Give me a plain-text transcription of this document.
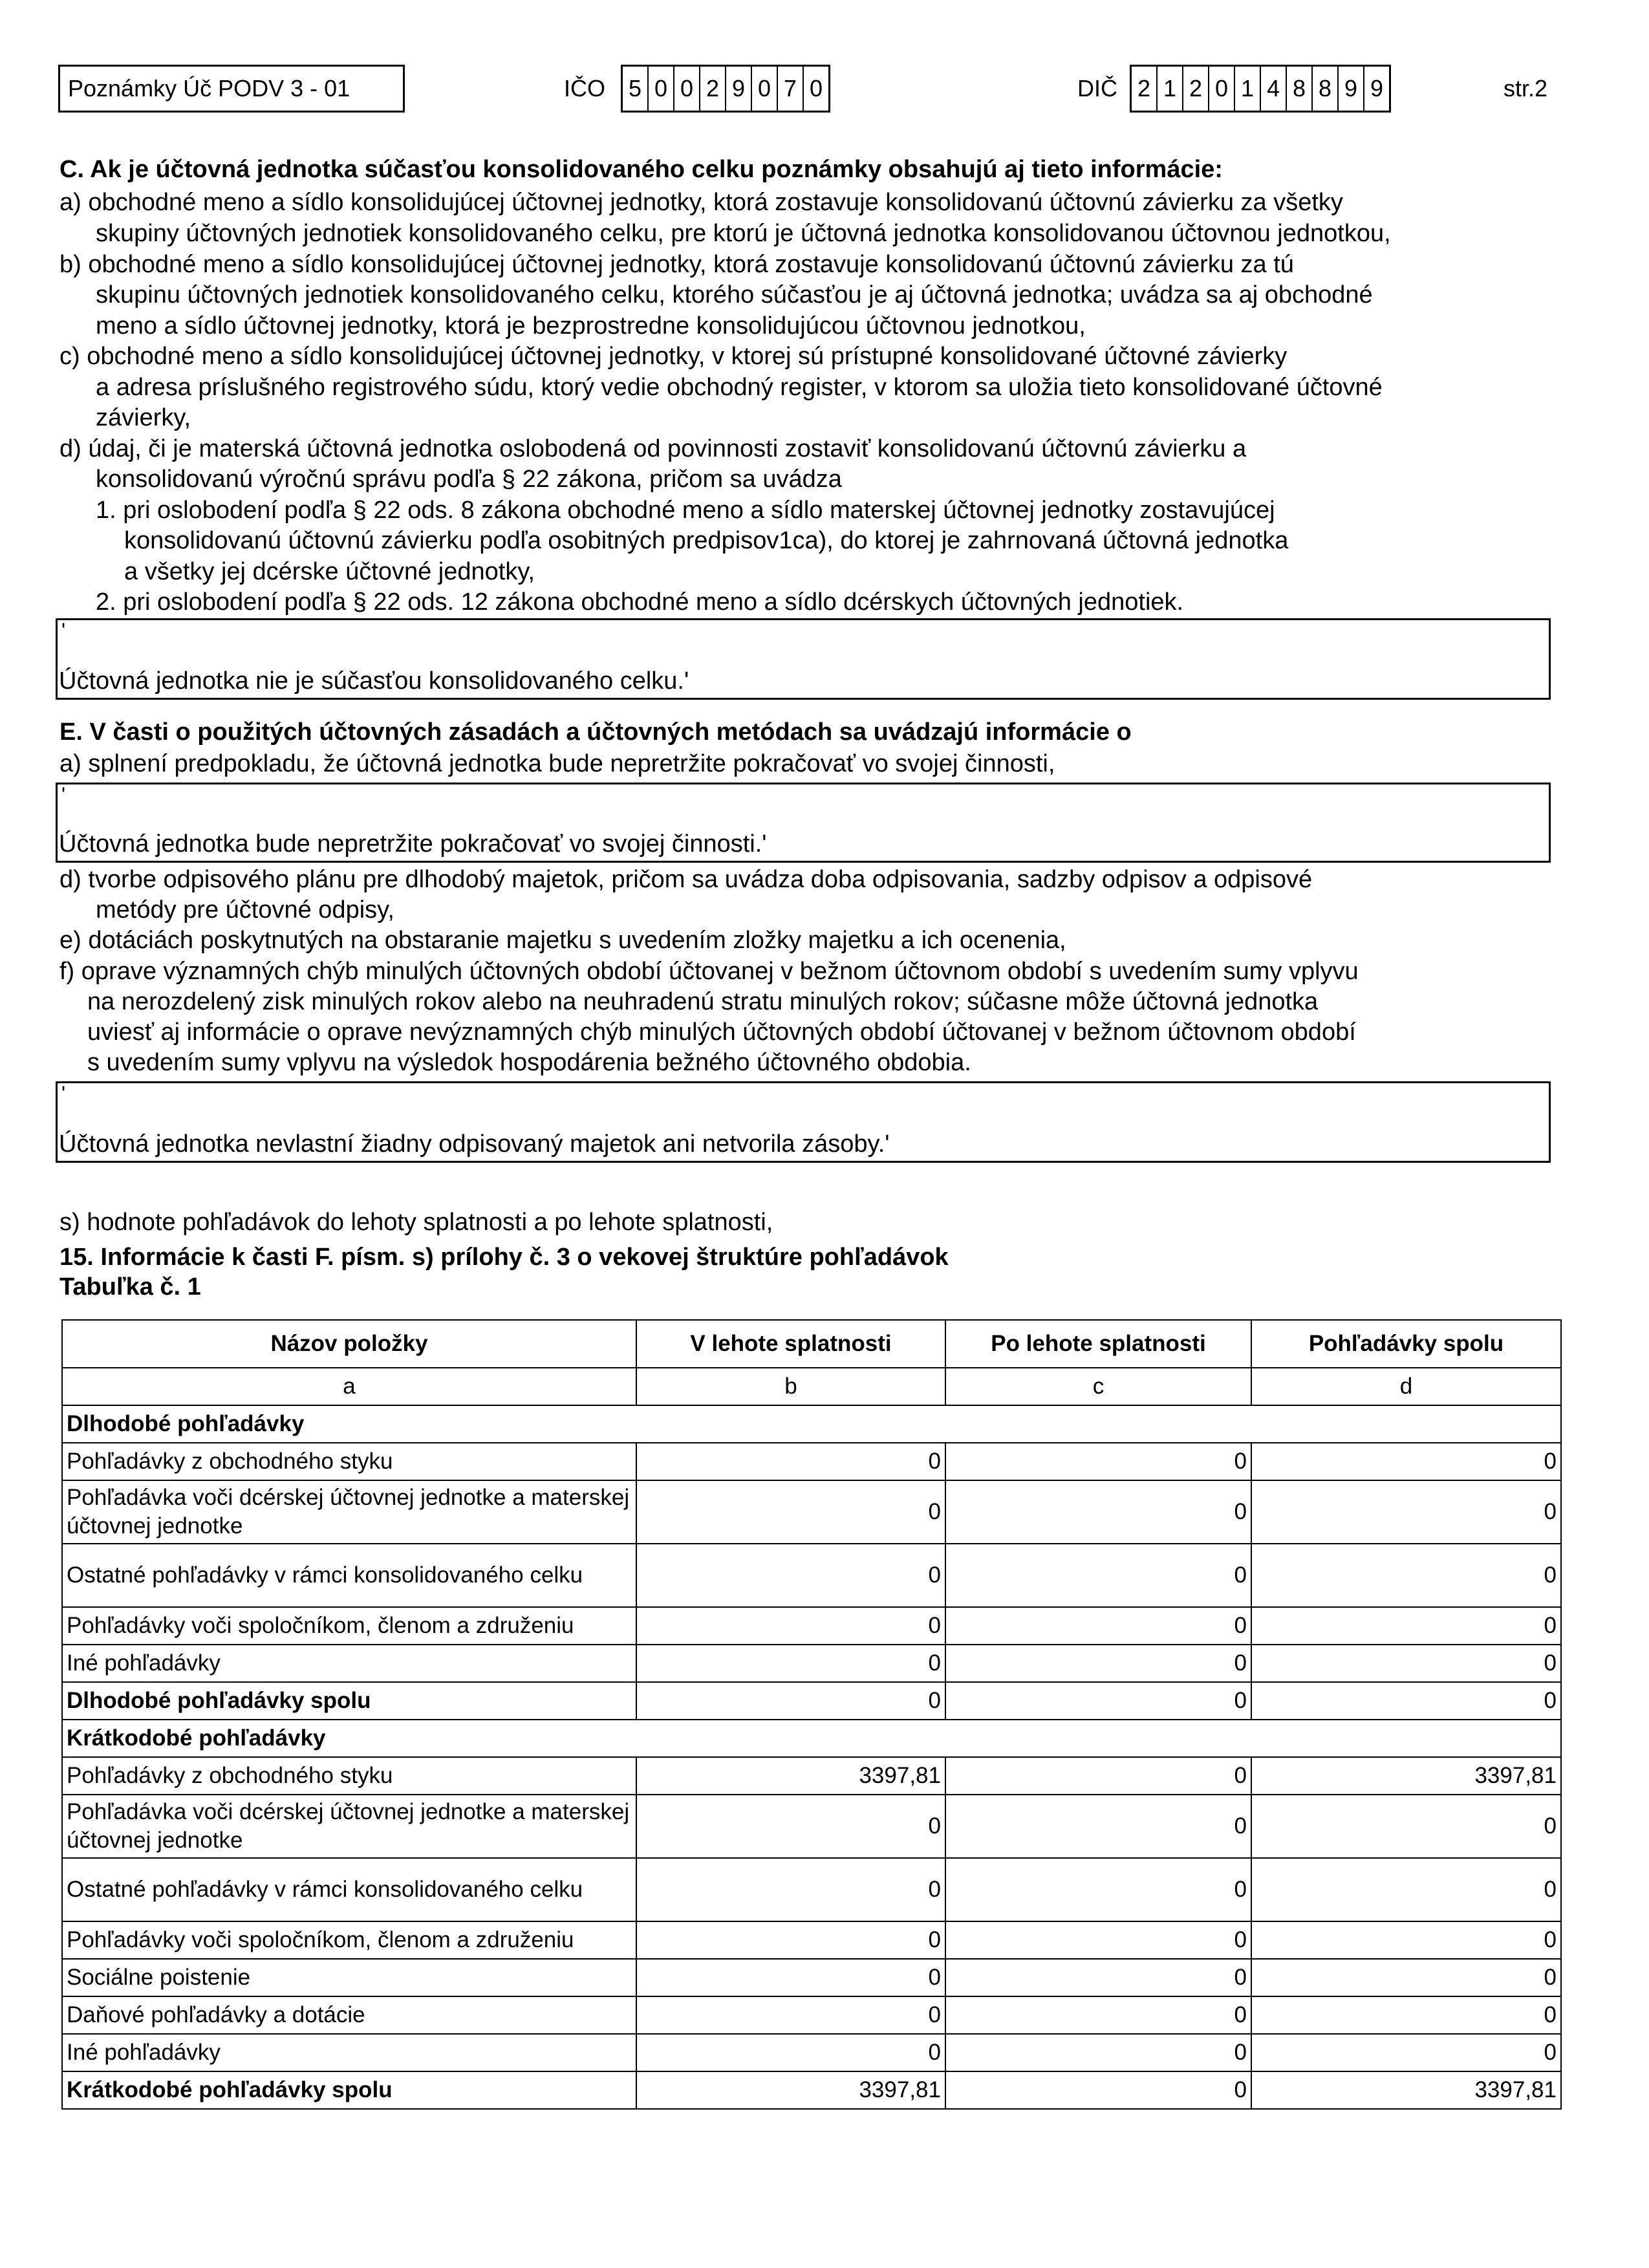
Poznámky Úč PODV 3 - 01	IČO 5 0 0 2 9 0 7 0	DIČ 2 1 2 0 1 4 8 8 9 9	str.2
C. Ak je účtovná jednotka súčasťou konsolidovaného celku poznámky obsahujú aj tieto informácie:
a) obchodné meno a sídlo konsolidujúcej účtovnej jednotky, ktorá zostavuje konsolidovanú účtovnú závierku za všetky
skupiny účtovných jednotiek konsolidovaného celku, pre ktorú je účtovná jednotka konsolidovanou účtovnou jednotkou,
b) obchodné meno a sídlo konsolidujúcej účtovnej jednotky, ktorá zostavuje konsolidovanú účtovnú závierku za tú
skupinu účtovných jednotiek konsolidovaného celku, ktorého súčasťou je aj účtovná jednotka; uvádza sa aj obchodné
meno a sídlo účtovnej jednotky, ktorá je bezprostredne konsolidujúcou účtovnou jednotkou,
c) obchodné meno a sídlo konsolidujúcej účtovnej jednotky, v ktorej sú prístupné konsolidované účtovné závierky
a adresa príslušného registrového súdu, ktorý vedie obchodný register, v ktorom sa uložia tieto konsolidované účtovné
závierky,
d) údaj, či je materská účtovná jednotka oslobodená od povinnosti zostaviť konsolidovanú účtovnú závierku a
konsolidovanú výročnú správu podľa § 22 zákona, pričom sa uvádza
1. pri oslobodení podľa § 22 ods. 8 zákona obchodné meno a sídlo materskej účtovnej jednotky zostavujúcej
konsolidovanú účtovnú závierku podľa osobitných predpisov1ca), do ktorej je zahrnovaná účtovná jednotka
a všetky jej dcérske účtovné jednotky,
2. pri oslobodení podľa § 22 ods. 12 zákona obchodné meno a sídlo dcérskych účtovných jednotiek.
'
Účtovná jednotka nie je súčasťou konsolidovaného celku.'
E. V časti o použitých účtovných zásadách a účtovných metódach sa uvádzajú informácie o
a) splnení predpokladu, že účtovná jednotka bude nepretržite pokračovať vo svojej činnosti,
'
Účtovná jednotka bude nepretržite pokračovať vo svojej činnosti.'
d) tvorbe odpisového plánu pre dlhodobý majetok, pričom sa uvádza doba odpisovania, sadzby odpisov a odpisové
metódy pre účtovné odpisy,
e) dotáciách poskytnutých na obstaranie majetku s uvedením zložky majetku a ich ocenenia,
f) oprave významných chýb minulých účtovných období účtovanej v bežnom účtovnom období s uvedením sumy vplyvu
na nerozdelený zisk minulých rokov alebo na neuhradenú stratu minulých rokov; súčasne môže účtovná jednotka
uviesť aj informácie o oprave nevýznamných chýb minulých účtovných období účtovanej v bežnom účtovnom období
s uvedením sumy vplyvu na výsledok hospodárenia bežného účtovného obdobia.
'
Účtovná jednotka nevlastní žiadny odpisovaný majetok ani netvorila zásoby.'
s) hodnote pohľadávok do lehoty splatnosti a po lehote splatnosti,
15. Informácie k časti F. písm. s) prílohy č. 3 o vekovej štruktúre pohľadávok
Tabuľka č. 1
Názov položky	V lehote splatnosti	Po lehote splatnosti	Pohľadávky spolu
a	b	c	d
Dlhodobé pohľadávky			
Pohľadávky z obchodného styku	0	0	0
Pohľadávka voči dcérskej účtovnej jednotke a materskej účtovnej jednotke	0	0	0
Ostatné pohľadávky v rámci konsolidovaného celku	0	0	0
Pohľadávky voči spoločníkom, členom a združeniu	0	0	0
Iné pohľadávky	0	0	0
Dlhodobé pohľadávky spolu	0	0	0
Krátkodobé pohľadávky			
Pohľadávky z obchodného styku	3397,81	0	3397,81
Pohľadávka voči dcérskej účtovnej jednotke a materskej účtovnej jednotke	0	0	0
Ostatné pohľadávky v rámci konsolidovaného celku	0	0	0
Pohľadávky voči spoločníkom, členom a združeniu	0	0	0
Sociálne poistenie	0	0	0
Daňové pohľadávky a dotácie	0	0	0
Iné pohľadávky	0	0	0
Krátkodobé pohľadávky spolu	3397,81	0	3397,81
